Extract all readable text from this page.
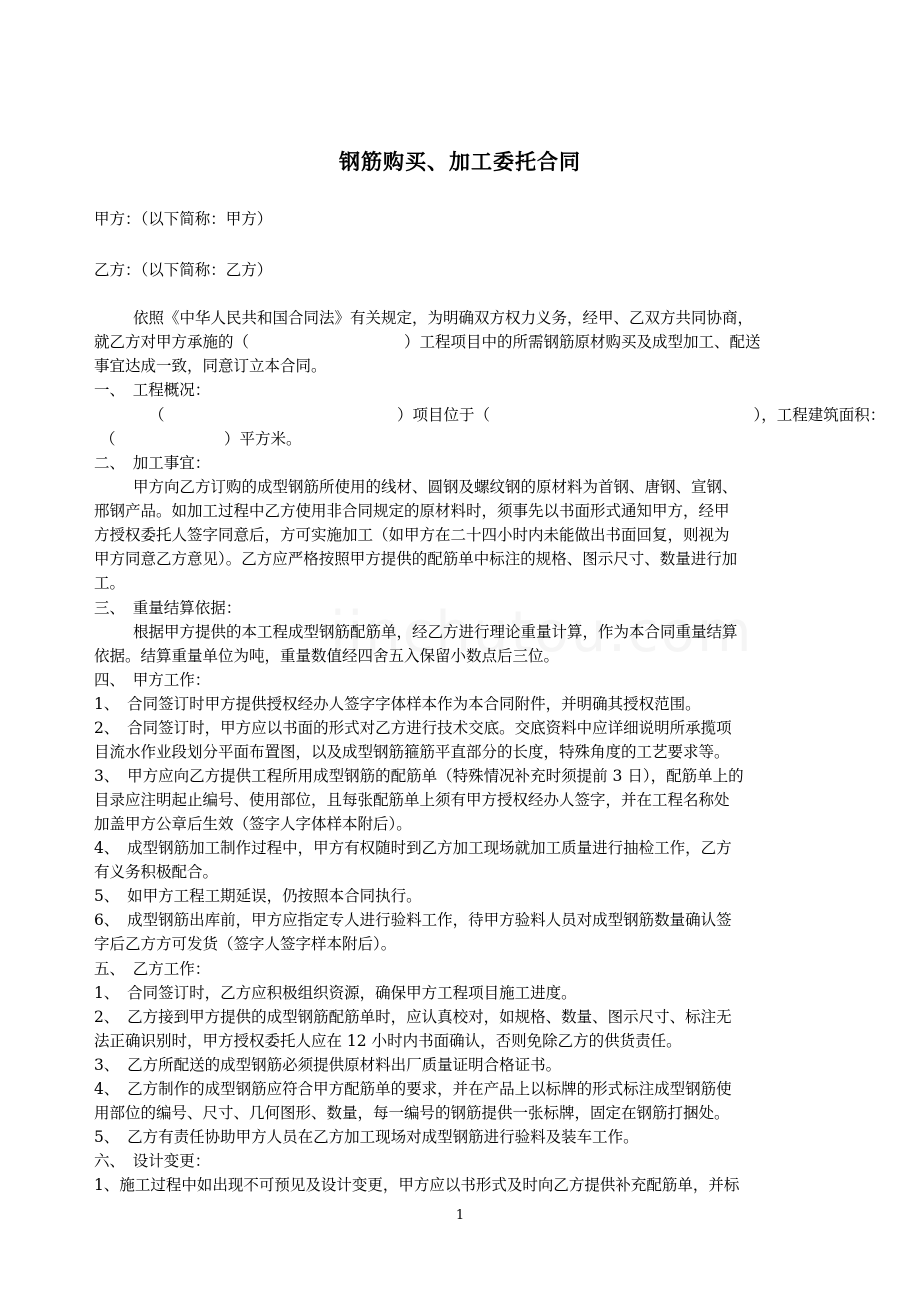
钢筋购买、加工委托合同
甲方：（以下简称：甲方）
乙方：（以下简称：乙方）
依照《中华人民共和国合同法》有关规定，为明确双方权力义务，经甲、乙双方共同协商，
就乙方对甲方承施的（　　　　　　　　　　）工程项目中的所需钢筋原材购买及成型加工、配送
事宜达成一致，同意订立本合同。
一、　工程概况：
（　　　　　　　　　　　　　　　）项目位于（　　　　　　　　　　　　　　　　　），工程建筑面积：
（　　　　　　　）平方米。
二、　加工事宜：
甲方向乙方订购的成型钢筋所使用的线材、圆钢及螺纹钢的原材料为首钢、唐钢、宣钢、
邢钢产品。如加工过程中乙方使用非合同规定的原材料时，须事先以书面形式通知甲方，经甲
方授权委托人签字同意后，方可实施加工（如甲方在二十四小时内未能做出书面回复，则视为
甲方同意乙方意见）。乙方应严格按照甲方提供的配筋单中标注的规格、图示尺寸、数量进行加
工。
三、　重量结算依据：
根据甲方提供的本工程成型钢筋配筋单，经乙方进行理论重量计算，作为本合同重量结算
依据。结算重量单位为吨，重量数值经四舍五入保留小数点后三位。
四、　甲方工作：
1、　合同签订时甲方提供授权经办人签字字体样本作为本合同附件，并明确其授权范围。
2、　合同签订时，甲方应以书面的形式对乙方进行技术交底。交底资料中应详细说明所承揽项
目流水作业段划分平面布置图，以及成型钢筋箍筋平直部分的长度，特殊角度的工艺要求等。
3、　甲方应向乙方提供工程所用成型钢筋的配筋单（特殊情况补充时须提前 3 日），配筋单上的
目录应注明起止编号、使用部位，且每张配筋单上须有甲方授权经办人签字，并在工程名称处
加盖甲方公章后生效（签字人字体样本附后）。
4、　成型钢筋加工制作过程中，甲方有权随时到乙方加工现场就加工质量进行抽检工作，乙方
有义务积极配合。
5、　如甲方工程工期延误，仍按照本合同执行。
6、　成型钢筋出库前，甲方应指定专人进行验料工作，待甲方验料人员对成型钢筋数量确认签
字后乙方方可发货（签字人签字样本附后）。
五、　乙方工作：
1、　合同签订时，乙方应积极组织资源，确保甲方工程项目施工进度。
2、　乙方接到甲方提供的成型钢筋配筋单时，应认真校对，如规格、数量、图示尺寸、标注无
法正确识别时，甲方授权委托人应在 12 小时内书面确认，否则免除乙方的供货责任。
3、　乙方所配送的成型钢筋必须提供原材料出厂质量证明合格证书。
4、　乙方制作的成型钢筋应符合甲方配筋单的要求，并在产品上以标牌的形式标注成型钢筋使
用部位的编号、尺寸、几何图形、数量，每一编号的钢筋提供一张标牌，固定在钢筋打捆处。
5、　乙方有责任协助甲方人员在乙方加工现场对成型钢筋进行验料及装车工作。
六、　设计变更：
1、施工过程中如出现不可预见及设计变更，甲方应以书形式及时向乙方提供补充配筋单，并标
1
